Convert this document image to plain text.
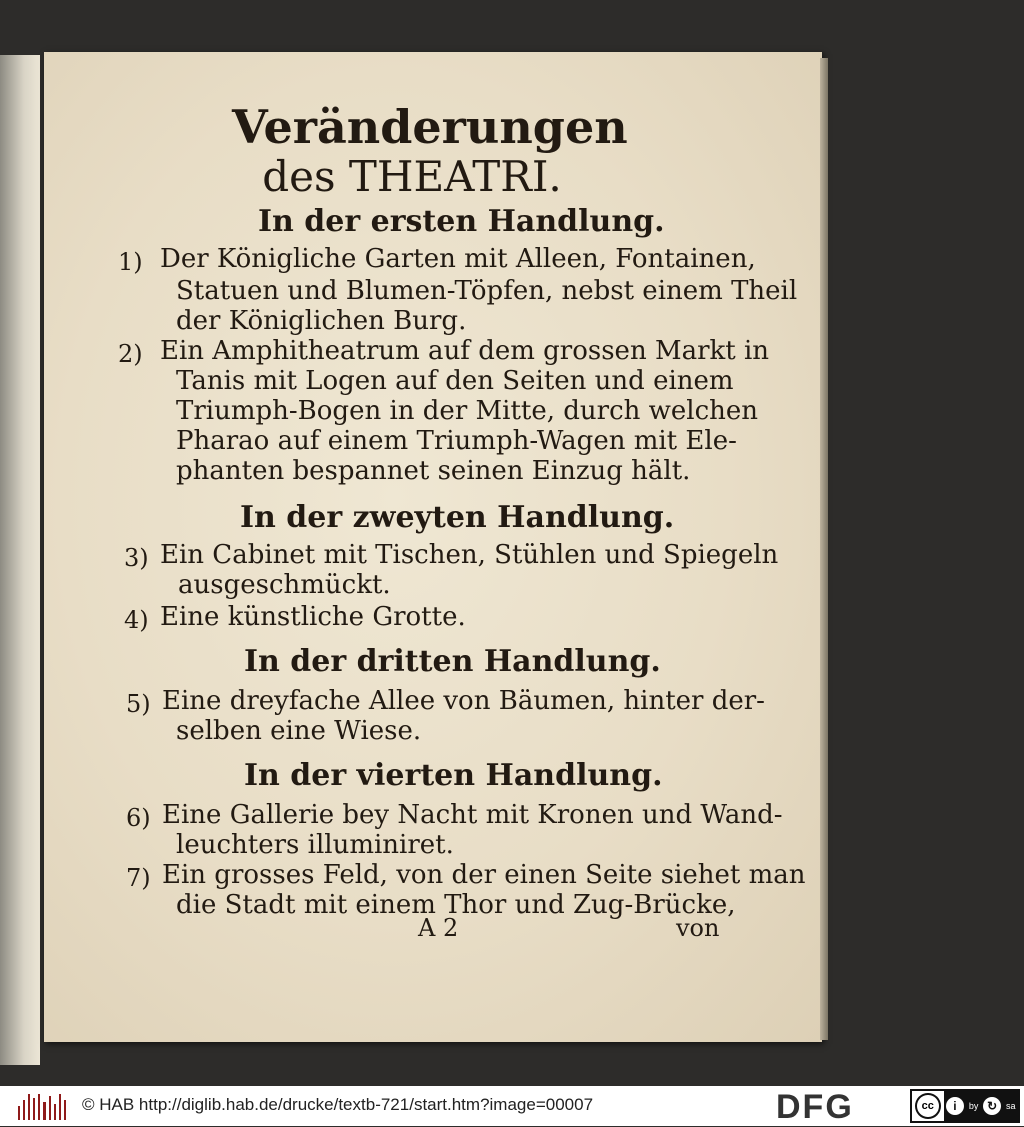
Veränderungen
des THEATRI.
In der ersten Handlung.
1) Der Königliche Garten mit Alleen, Fontainen,
Statuen und Blumen-Töpfen, nebst einem Theil
der Königlichen Burg.
2) Ein Amphitheatrum auf dem grossen Markt in
Tanis mit Logen auf den Seiten und einem
Triumph-Bogen in der Mitte, durch welchen
Pharao auf einem Triumph-Wagen mit Ele-
phanten bespannet seinen Einzug hält.
In der zweyten Handlung.
3) Ein Cabinet mit Tischen, Stühlen und Spiegeln
ausgeschmückt.
4) Eine künstliche Grotte.
In der dritten Handlung.
5) Eine dreyfache Allee von Bäumen, hinter der-
selben eine Wiese.
In der vierten Handlung.
6) Eine Gallerie bey Nacht mit Kronen und Wand-
leuchters illuminiret.
7) Ein grosses Feld, von der einen Seite siehet man
die Stadt mit einem Thor und Zug-Brücke,
A 2	von
© HAB http://diglib.hab.de/drucke/textb-721/start.htm?image=00007	DFG	cc	i	by ↻ sa
